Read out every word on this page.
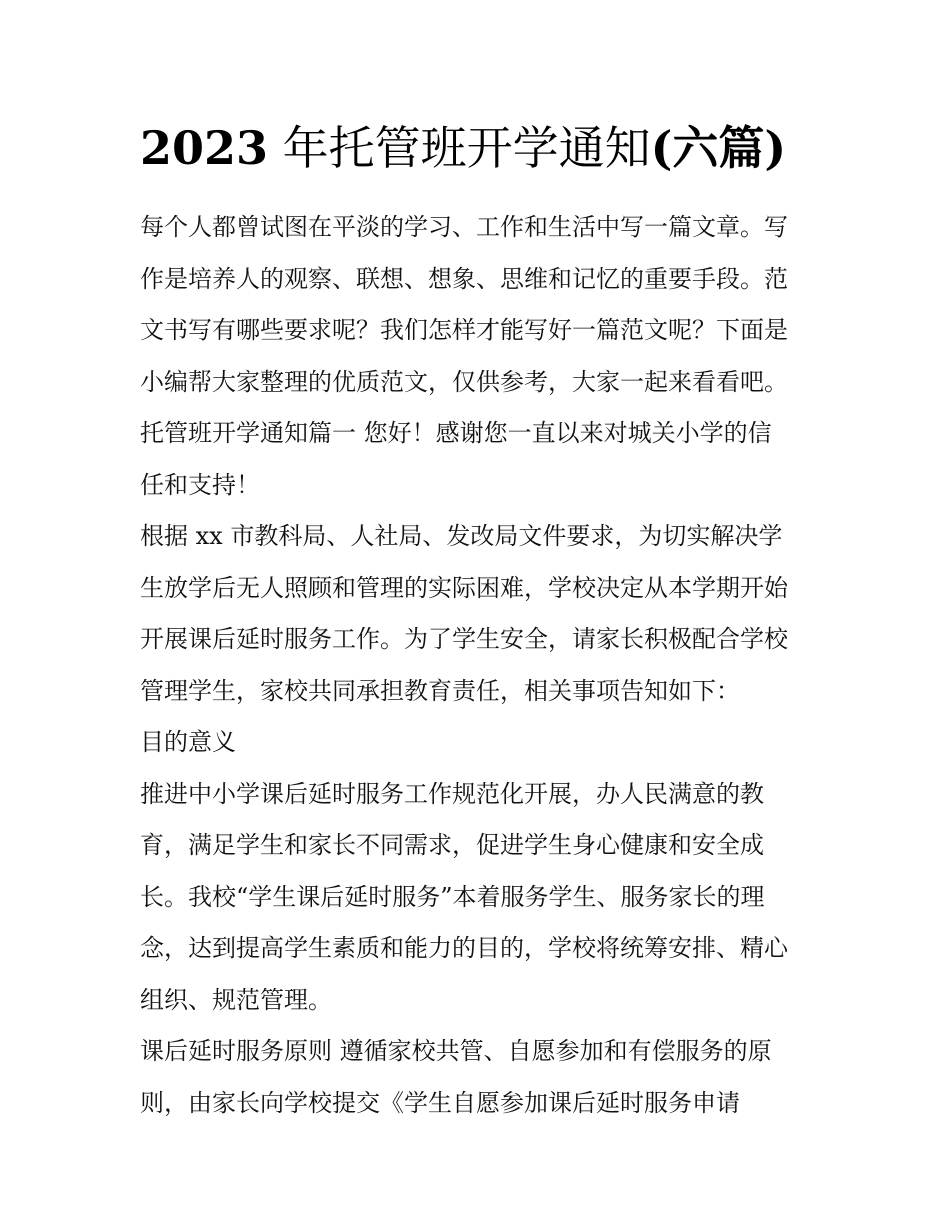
2023 年托管班开学通知(六篇)
每个人都曾试图在平淡的学习、工作和生活中写一篇文章。写
作是培养人的观察、联想、想象、思维和记忆的重要手段。范
文书写有哪些要求呢？我们怎样才能写好一篇范文呢？下面是
小编帮大家整理的优质范文，仅供参考，大家一起来看看吧。
托管班开学通知篇一 您好！感谢您一直以来对城关小学的信
任和支持！
根据 xx 市教科局、人社局、发改局文件要求，为切实解决学
生放学后无人照顾和管理的实际困难，学校决定从本学期开始
开展课后延时服务工作。为了学生安全，请家长积极配合学校
管理学生，家校共同承担教育责任，相关事项告知如下：
目的意义
推进中小学课后延时服务工作规范化开展，办人民满意的教
育，满足学生和家长不同需求，促进学生身心健康和安全成
长。我校“学生课后延时服务”本着服务学生、服务家长的理
念，达到提高学生素质和能力的目的，学校将统筹安排、精心
组织、规范管理。
课后延时服务原则 遵循家校共管、自愿参加和有偿服务的原
则，由家长向学校提交《学生自愿参加课后延时服务申请
